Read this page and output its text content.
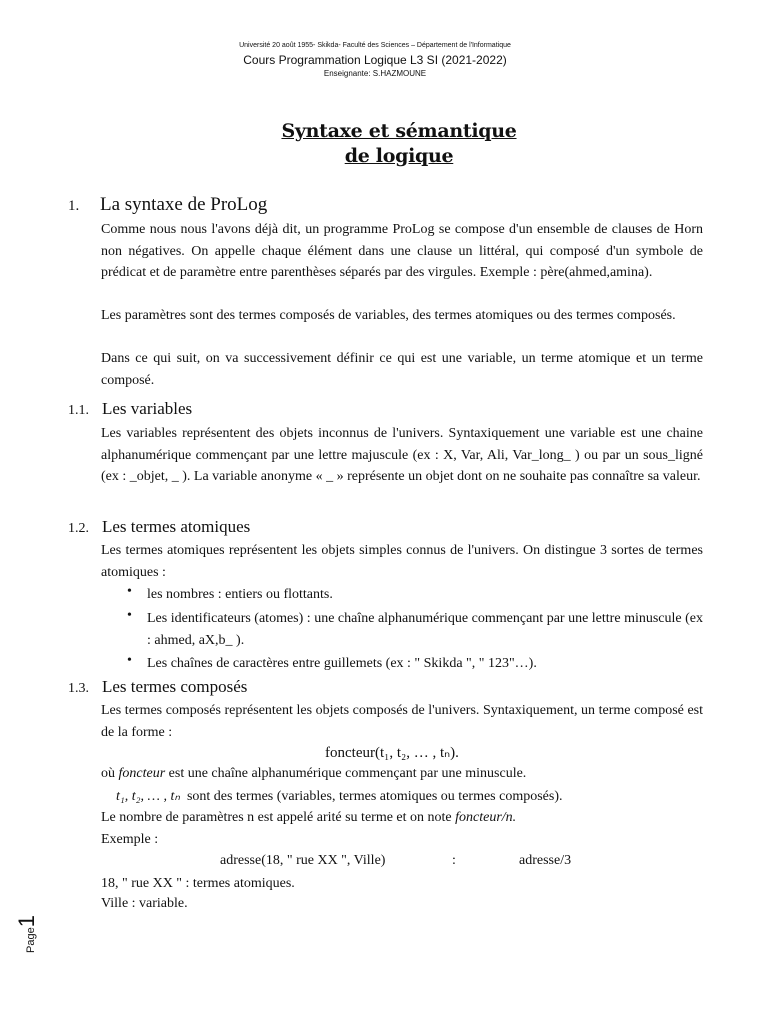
Université 20 août 1955- Skikda- Faculté des Sciences – Département de l'Informatique
Cours Programmation Logique L3 SI (2021-2022)
Enseignante: S.HAZMOUNE
Syntaxe et sémantique
de logique
1. La syntaxe de ProLog
Comme nous nous l'avons déjà dit, un programme ProLog se compose d'un ensemble de clauses de Horn non négatives. On appelle chaque élément dans une clause un littéral, qui composé d'un symbole de prédicat et de paramètre entre parenthèses séparés par des virgules. Exemple : père(ahmed,amina).
Les paramètres sont des termes composés de variables, des termes atomiques ou des termes composés.
Dans ce qui suit, on va successivement définir ce qui est une variable, un terme atomique et un terme composé.
1.1. Les variables
Les variables représentent des objets inconnus de l'univers. Syntaxiquement une variable est une chaine alphanumérique commençant par une lettre majuscule (ex : X, Var, Ali, Var_long_ ) ou par un sous_ligné (ex : _objet, _ ). La variable anonyme « _ » représente un objet dont on ne souhaite pas connaître sa valeur.
1.2. Les termes atomiques
Les termes atomiques représentent les objets simples connus de l'univers. On distingue 3 sortes de termes atomiques :
• les nombres : entiers ou flottants.
• Les identificateurs (atomes) : une chaîne alphanumérique commençant par une lettre minuscule (ex : ahmed, aX,b_ ).
• Les chaînes de caractères entre guillemets (ex : " Skikda ", " 123"…).
1.3. Les termes composés
Les termes composés représentent les objets composés de l'univers. Syntaxiquement, un terme composé est de la forme :
foncteur(t₁, t₂, … , tₙ).
où foncteur est une chaîne alphanumérique commençant par une minuscule.
t₁, t₂, … , tₙ sont des termes (variables, termes atomiques ou termes composés).
Le nombre de paramètres n est appelé arité su terme et on note foncteur/n.
Exemple :
adresse(18, " rue XX ", Ville)	:	adresse/3
18, " rue XX " : termes atomiques.
Ville : variable.
Page1
